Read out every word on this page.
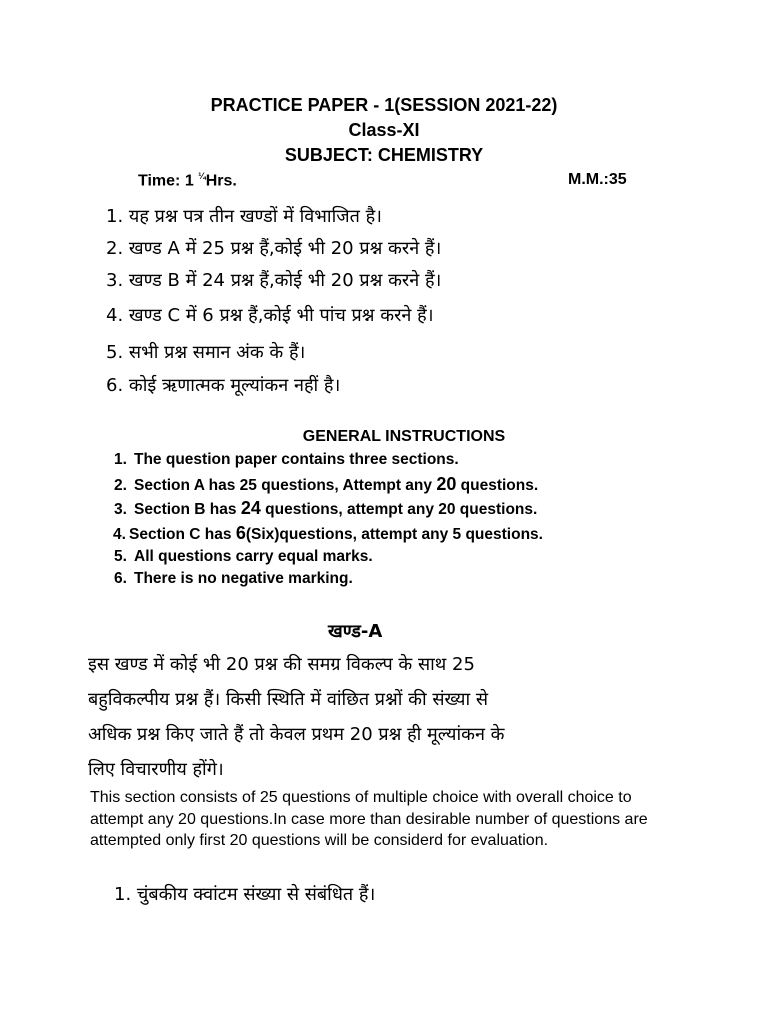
PRACTICE PAPER - 1(SESSION 2021-22)
Class-XI
SUBJECT: CHEMISTRY
Time: 1 $^{\frac{1}{4}}$Hrs.	M.M.:35
1. यह प्रश्न पत्र तीन खण्डों में विभाजित है।
2. खण्ड A में 25 प्रश्न हैं,कोई भी 20 प्रश्न करने हैं।
3. खण्ड B में 24 प्रश्न हैं,कोई भी 20 प्रश्न करने हैं।
4. खण्ड C में 6 प्रश्न हैं,कोई भी पांच प्रश्न करने हैं।
5. सभी प्रश्न समान अंक के हैं।
6. कोई ऋणात्मक मूल्यांकन नहीं है।
GENERAL INSTRUCTIONS
1. The question paper contains three sections.
2. Section A has 25 questions, Attempt any 20 questions.
3. Section B has 24 questions, attempt any 20 questions.
4. Section C has 6(Six)questions, attempt any 5 questions.
5. All questions carry equal marks.
6. There is no negative marking.
खण्ड-A
इस खण्ड में कोई भी 20 प्रश्न की समग्र विकल्प के साथ 25
बहुविकल्पीय प्रश्न हैं। किसी स्थिति में वांछित प्रश्नों की संख्या से
अधिक प्रश्न किए जाते हैं तो केवल प्रथम 20 प्रश्न ही मूल्यांकन के
लिए विचारणीय होंगे।
This section consists of 25 questions of multiple choice with overall choice to attempt any 20 questions.In case more than desirable number of questions are attempted only first 20 questions will be considerd for evaluation.
1. चुंबकीय क्वांटम संख्या से संबंधित हैं।
